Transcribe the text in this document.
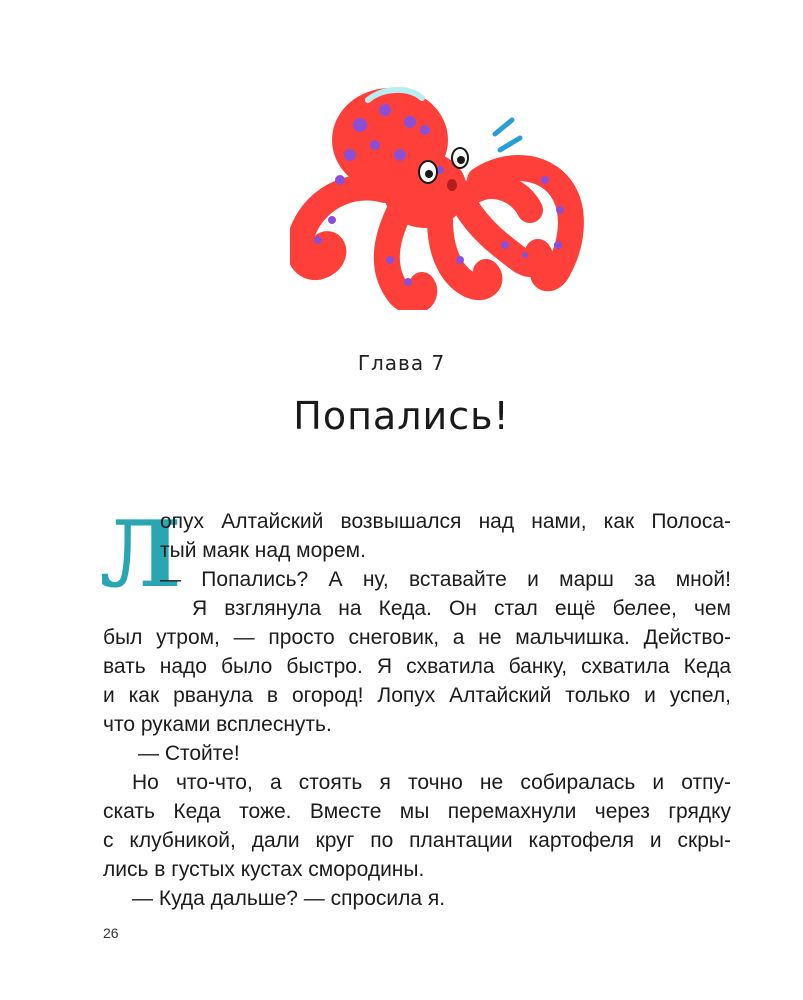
Глава 7
Попались!
Л
опух Алтайский возвышался над нами, как Полоса-
тый маяк над морем.
— Попались? А ну, вставайте и марш за мной!
Я взглянула на Кеда. Он стал ещё белее, чем
был утром, — просто снеговик, а не мальчишка. Действо-
вать надо было быстро. Я схватила банку, схватила Кеда
и как рванула в огород! Лопух Алтайский только и успел,
что руками всплеснуть.
— Стойте!
Но что-что, а стоять я точно не собиралась и отпу-
скать Кеда тоже. Вместе мы перемахнули через грядку
с клубникой, дали круг по плантации картофеля и скры-
лись в густых кустах смородины.
— Куда дальше? — спросила я.
26
